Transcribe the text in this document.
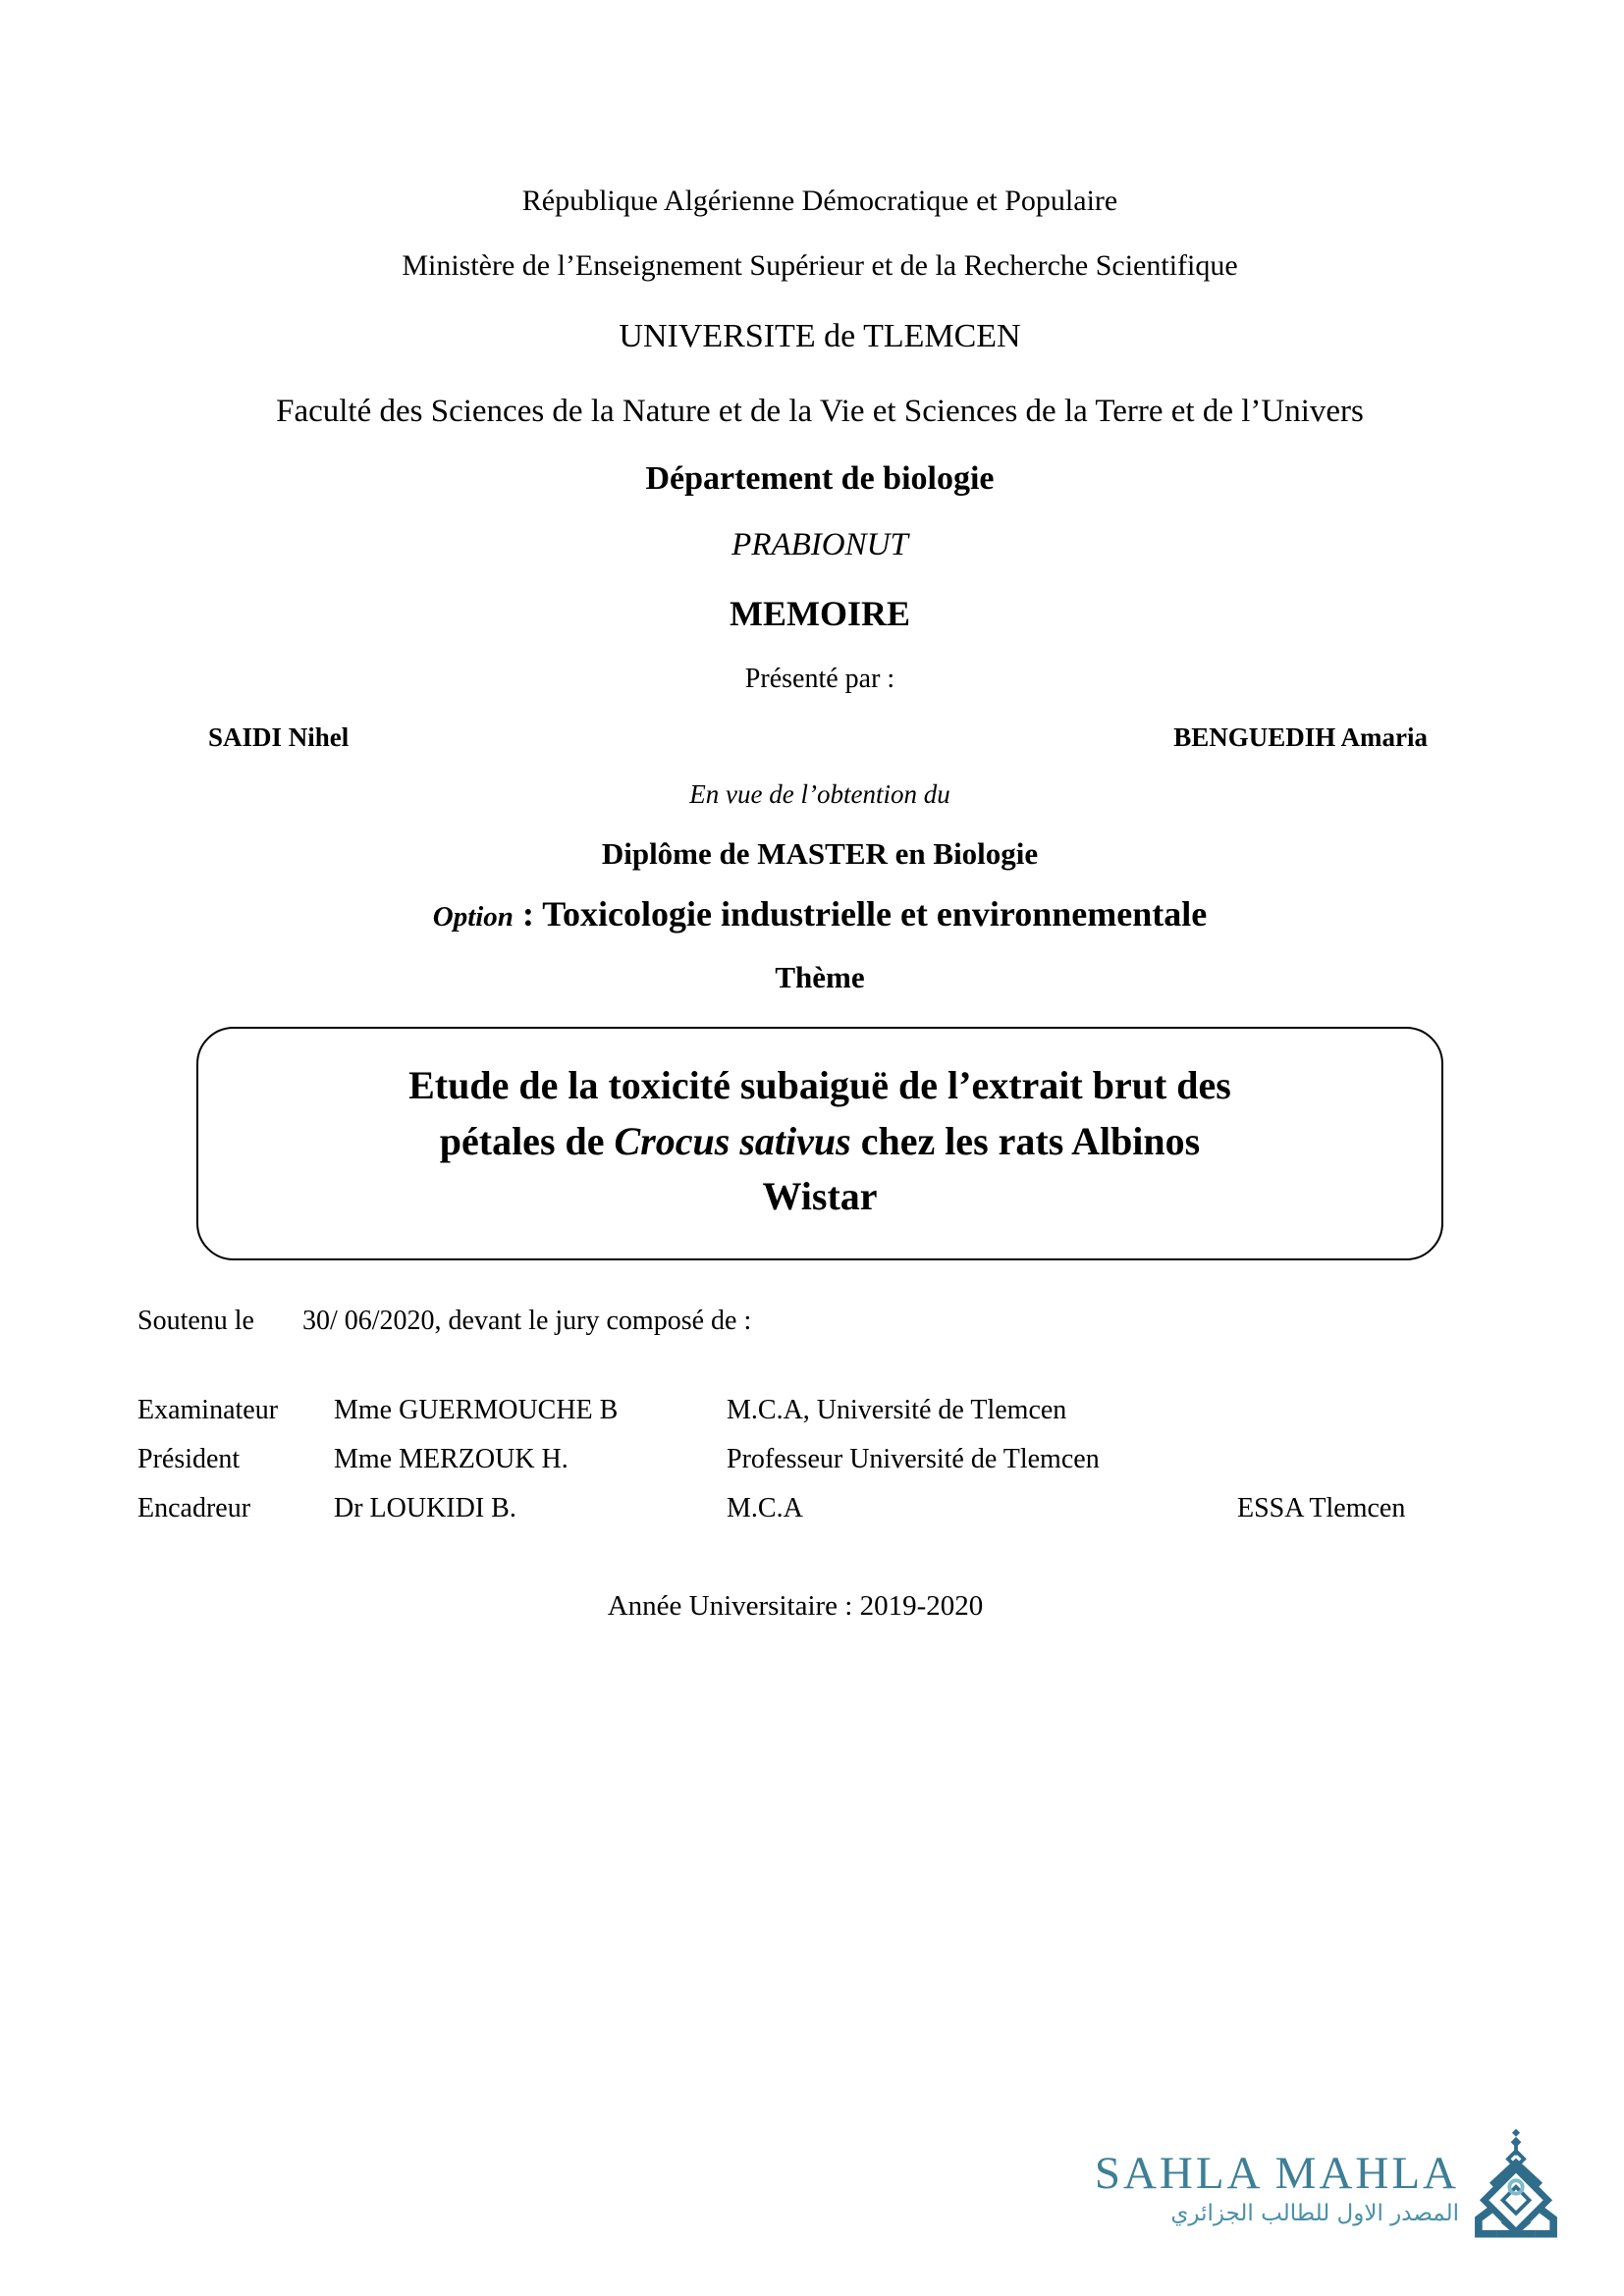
République Algérienne Démocratique et Populaire
Ministère de l’Enseignement Supérieur et de la Recherche Scientifique
UNIVERSITE de TLEMCEN
Faculté des Sciences de la Nature et de la Vie et Sciences de la Terre et de l’Univers
Département de biologie
PRABIONUT
MEMOIRE
Présenté par :
SAIDI Nihel	BENGUEDIH Amaria
En vue de l’obtention du
Diplôme de MASTER en Biologie
Option : Toxicologie industrielle et environnementale
Thème
Etude de la toxicité subaiguë de l’extrait brut des
pétales de Crocus sativus chez les rats Albinos
Wistar
Soutenu le       30/ 06/2020, devant le jury composé de :
Examinateur	Mme GUERMOUCHE B	M.C.A, Université de Tlemcen	
Président	Mme MERZOUK H.	Professeur Université de Tlemcen	
Encadreur	Dr LOUKIDI B.	M.C.A	ESSA Tlemcen
Année Universitaire : 2019-2020
SAHLA MAHLA
المصدر الاول للطالب الجزائري
